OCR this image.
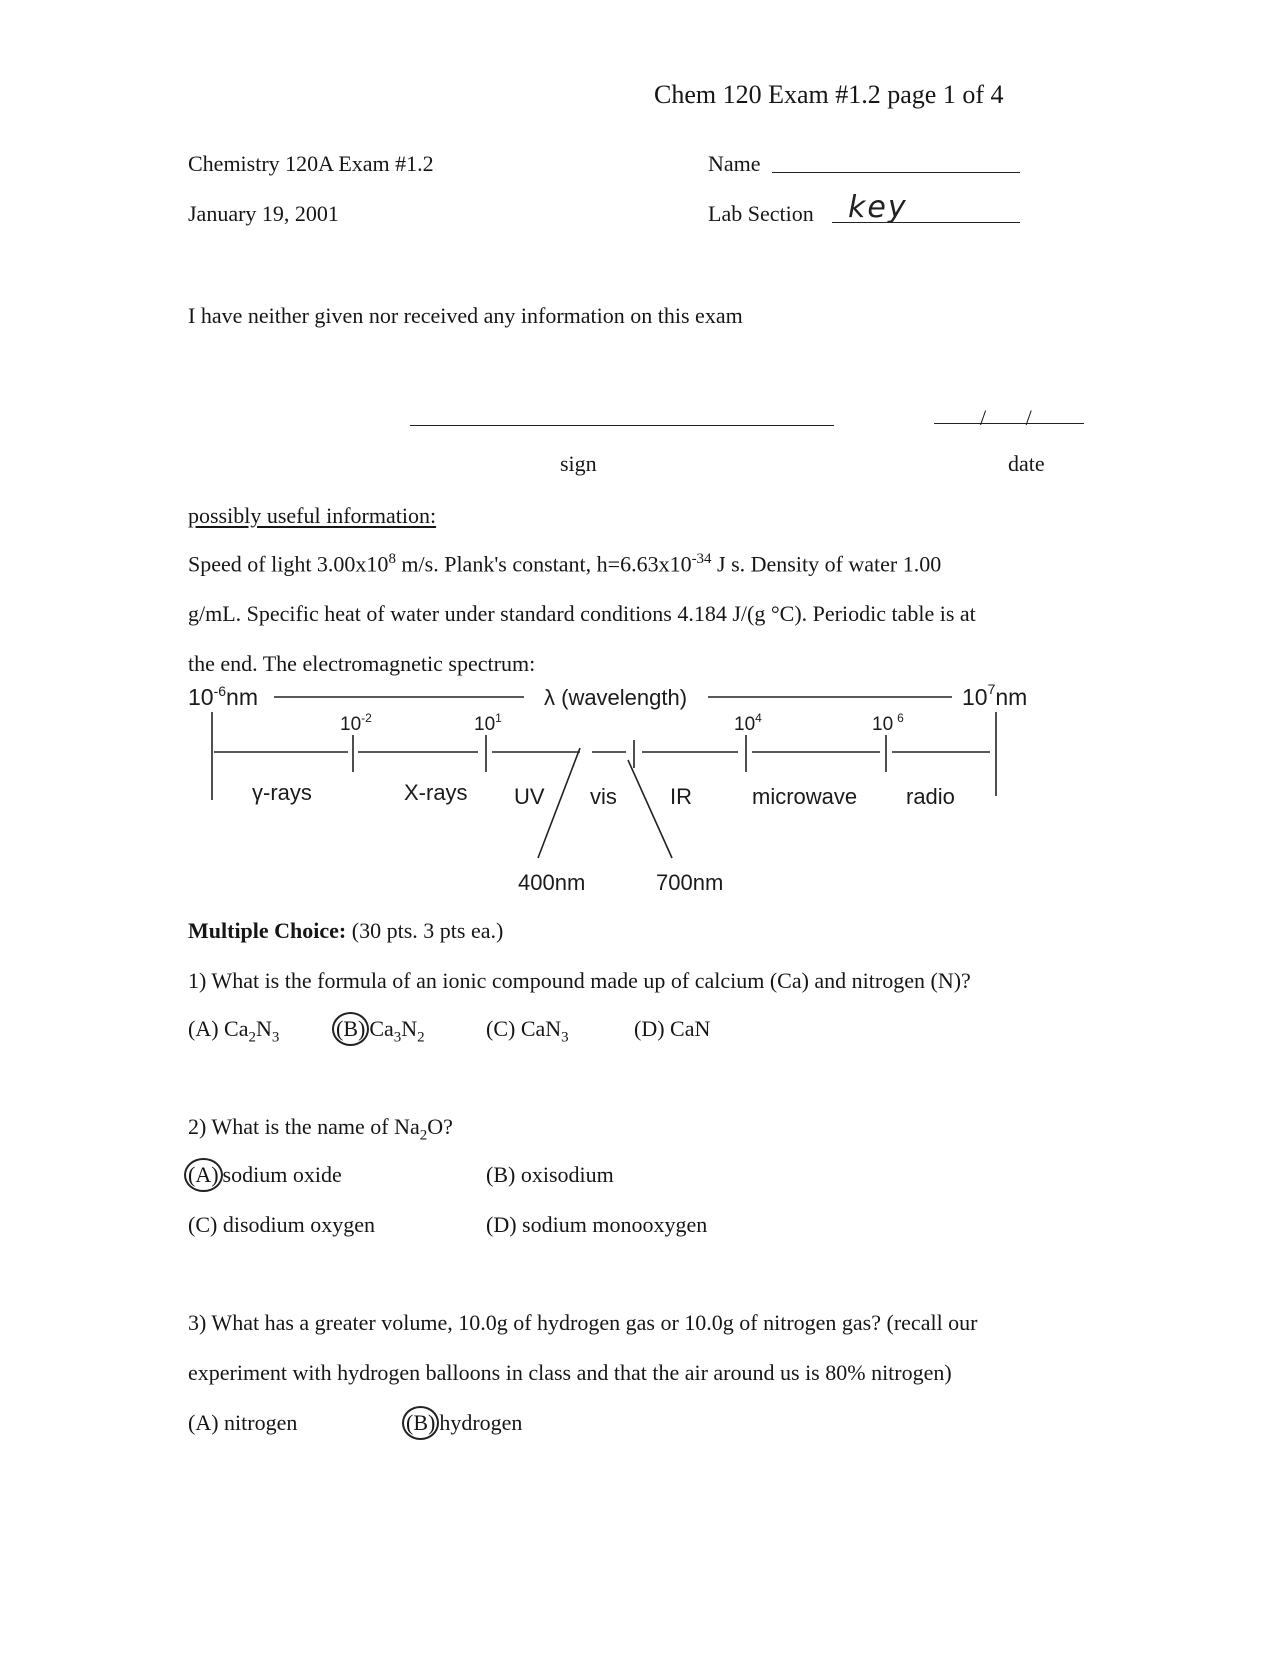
Chem 120 Exam #1.2 page 1 of 4
Chemistry 120A Exam #1.2
January 19, 2001
Name
Lab Section key
I have neither given nor received any information on this exam
sign
/ /
date
possibly useful information:
Speed of light $3.00x10^8$ m/s. Plank's constant, $h=6.63x10^{-34}$ J s. Density of water 1.00
g/mL. Specific heat of water under standard conditions 4.184 J/(g °C). Periodic table is at
the end. The electromagnetic spectrum:
$10^{-6}nm$	λ (wavelength)	$10^7nm$
$10^{-2}$	$10^1$	$10^4$	10 $^6$
γ-rays	X-rays UV vis IR	microwave radio
400nm	700nm
Multiple Choice: (30 pts. 3 pts ea.)
1) What is the formula of an ionic compound made up of calcium (Ca) and nitrogen (N)?
(A) $Ca_2N_3$	(B) $Ca_3N_2$	(C) CaN$_3$	(D) CaN
2) What is the name of $Na_2O$?
(A) sodium oxide	(B) oxisodium
(C) disodium oxygen	(D) sodium monooxygen
3) What has a greater volume, 10.0g of hydrogen gas or 10.0g of nitrogen gas? (recall our
experiment with hydrogen balloons in class and that the air around us is 80% nitrogen)
(A) nitrogen	(B) hydrogen
